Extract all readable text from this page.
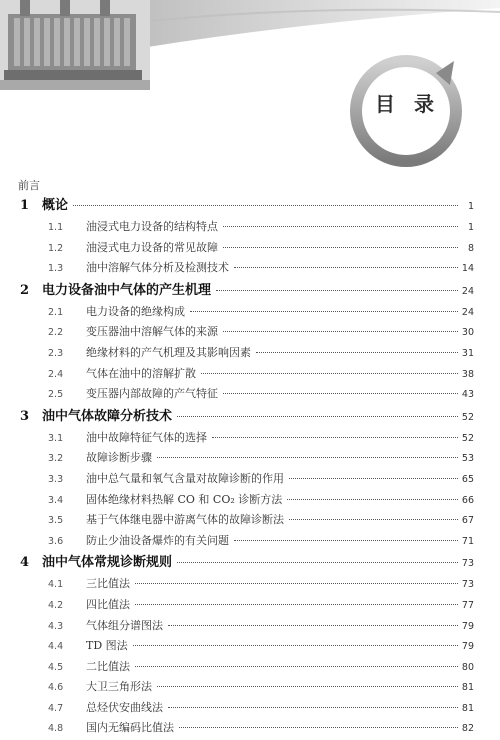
目 录
前言
1 概论	1
1.1	油浸式电力设备的结构特点	1
1.2	油浸式电力设备的常见故障	8
1.3	油中溶解气体分析及检测技术	14
2 电力设备油中气体的产生机理	24
2.1	电力设备的绝缘构成	24
2.2	变压器油中溶解气体的来源	30
2.3	绝缘材料的产气机理及其影响因素	31
2.4	气体在油中的溶解扩散	38
2.5	变压器内部故障的产气特征	43
3 油中气体故障分析技术	52
3.1	油中故障特征气体的选择	52
3.2	故障诊断步骤	53
3.3	油中总气量和氧气含量对故障诊断的作用	65
3.4	固体绝缘材料热解 CO 和 CO₂ 诊断方法	66
3.5	基于气体继电器中游离气体的故障诊断法	67
3.6	防止少油设备爆炸的有关问题	71
4 油中气体常规诊断规则	73
4.1	三比值法	73
4.2	四比值法	77
4.3	气体组分谱图法	79
4.4	TD 图法	79
4.5	二比值法	80
4.6	大卫三角形法	81
4.7	总烃伏安曲线法	81
4.8	国内无编码比值法	82
